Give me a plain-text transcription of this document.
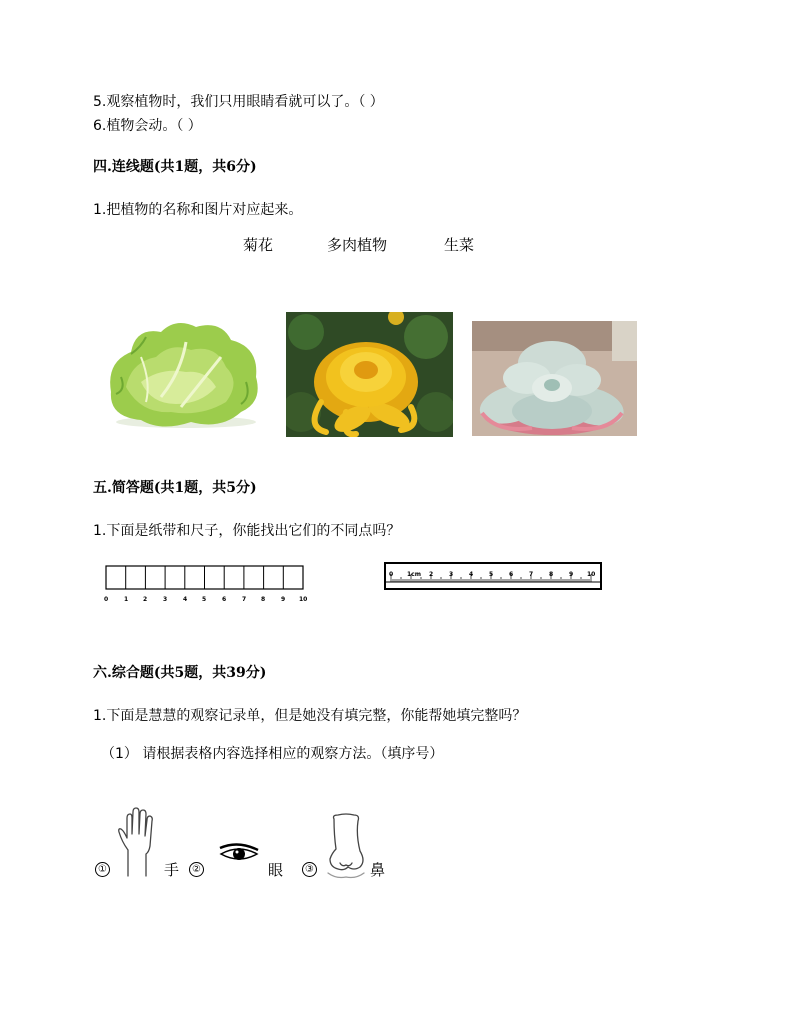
5.观察植物时，我们只用眼睛看就可以了。（ ）
6.植物会动。（ ）
四.连线题(共1题，共6分)
1.把植物的名称和图片对应起来。
菊花	多肉植物	生菜
五.简答题(共1题，共5分)
1.下面是纸带和尺子，你能找出它们的不同点吗？
0	1 2	3	4 5	6	7 8	9 10
0 1cm 2	3	4	5	6	7	8	9 10
六.综合题(共5题，共39分)
1.下面是慧慧的观察记录单，但是她没有填完整，你能帮她填完整吗？
（1） 请根据表格内容选择相应的观察方法。（填序号）
①	手	②	眼	③	鼻
